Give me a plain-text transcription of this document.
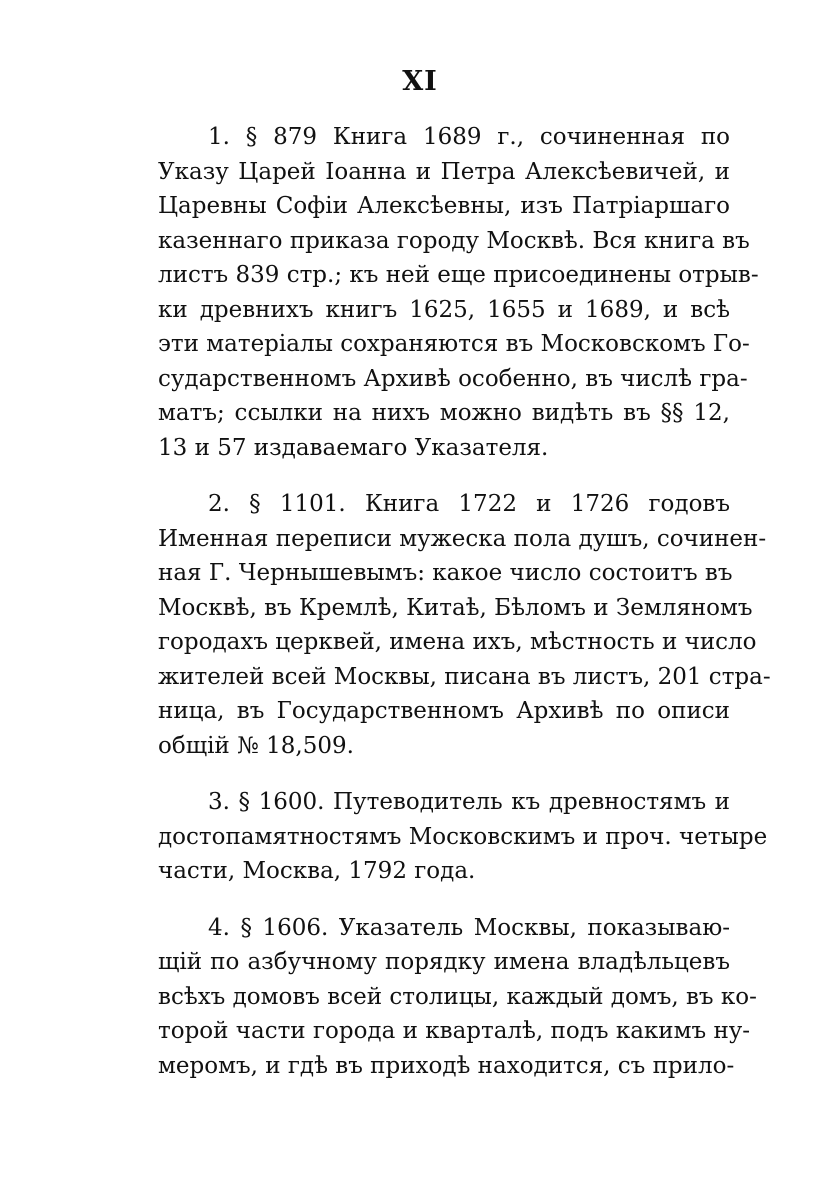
XI
1. § 879 Книга 1689 г., сочиненная по
Указу Царей Іоанна и Петра Алексѣевичей, и
Царевны Софіи Алексѣевны, изъ Патріаршаго
казеннаго приказа городу Москвѣ. Вся книга въ
листъ 839 стр.; къ ней еще присоединены отрыв-
ки древнихъ книгъ 1625, 1655 и 1689, и всѣ
эти матеріалы сохраняются въ Московскомъ Го-
сударственномъ Архивѣ особенно, въ числѣ гра-
матъ; ссылки на нихъ можно видѣть въ §§ 12,
13 и 57 издаваемаго Указателя.
2. § 1101. Книга 1722 и 1726 годовъ
Именная переписи мужеска пола душъ, сочинен-
ная Г. Чернышевымъ: какое число состоитъ въ
Москвѣ, въ Кремлѣ, Китаѣ, Бѣломъ и Земляномъ
городахъ церквей, имена ихъ, мѣстность и число
жителей всей Москвы, писана въ листъ, 201 стра-
ница, въ Государственномъ Архивѣ по описи
общій № 18,509.
3. § 1600. Путеводитель къ древностямъ и
достопамятностямъ Московскимъ и проч. четыре
части, Москва, 1792 года.
4. § 1606. Указатель Москвы, показываю-
щій по азбучному порядку имена владѣльцевъ
всѣхъ домовъ всей столицы, каждый домъ, въ ко-
торой части города и кварталѣ, подъ какимъ ну-
меромъ, и гдѣ въ приходѣ находится, съ прило-
